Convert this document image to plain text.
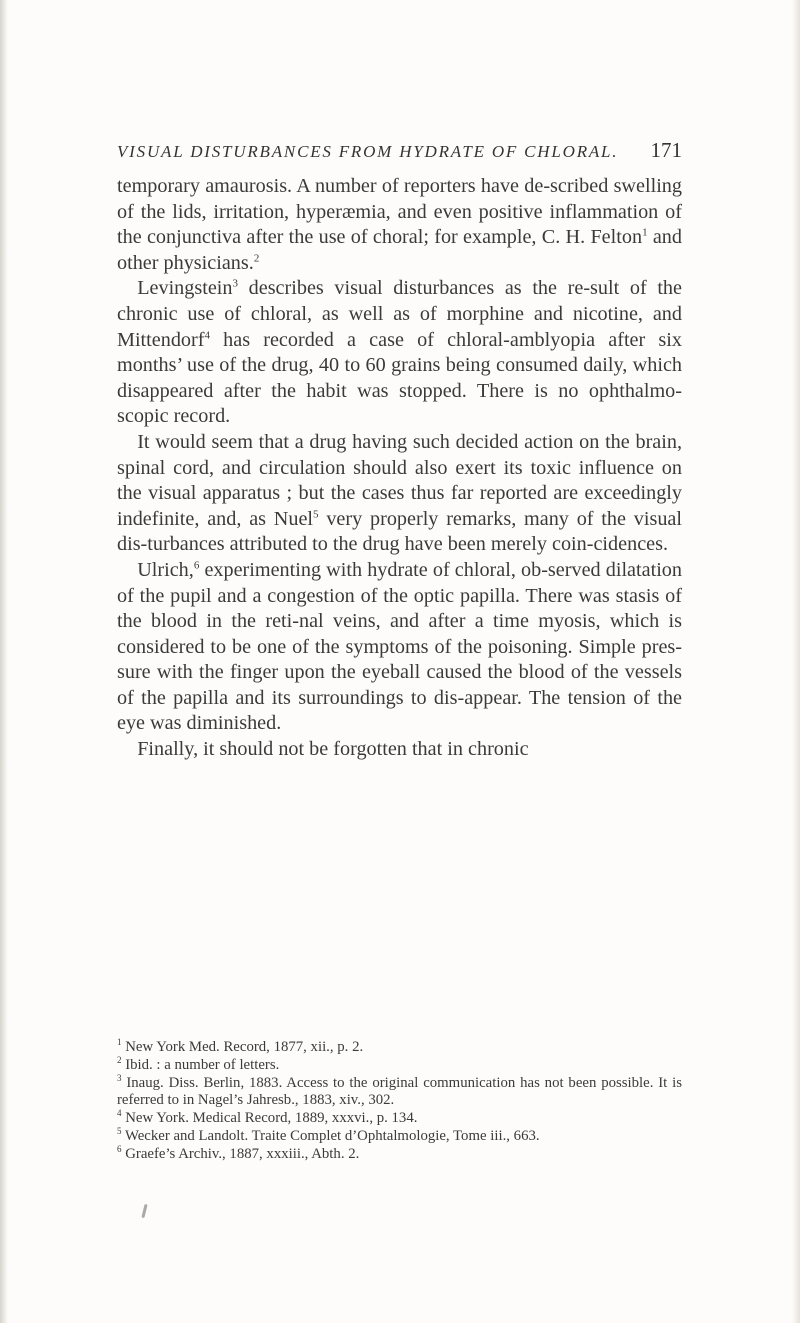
VISUAL DISTURBANCES FROM HYDRATE OF CHLORAL. 171

temporary amaurosis. A number of reporters have de-scribed swelling of the lids, irritation, hyperæmia, and even positive inflammation of the conjunctiva after the use of choral; for example, C. H. Felton$^1$ and other physicians.$^2$

 Levingstein$^3$ describes visual disturbances as the re-sult of the chronic use of chloral, as well as of morphine and nicotine, and Mittendorf$^4$ has recorded a case of chloral-amblyopia after six months’ use of the drug, 40 to 60 grains being consumed daily, which disappeared after the habit was stopped. There is no ophthalmo-scopic record.

 It would seem that a drug having such decided action on the brain, spinal cord, and circulation should also exert its toxic influence on the visual apparatus ; but the cases thus far reported are exceedingly indefinite, and, as Nuel$^5$ very properly remarks, many of the visual dis-turbances attributed to the drug have been merely coin-cidences.

 Ulrich,$^6$ experimenting with hydrate of chloral, ob-served dilatation of the pupil and a congestion of the optic papilla. There was stasis of the blood in the reti-nal veins, and after a time myosis, which is considered to be one of the symptoms of the poisoning. Simple pres-sure with the finger upon the eyeball caused the blood of the vessels of the papilla and its surroundings to dis-appear. The tension of the eye was diminished.

 Finally, it should not be forgotten that in chronic

$^1$ New York Med. Record, 1877, xii., p. 2.

$^2$ Ibid. : a number of letters.

$^3$ Inaug. Diss. Berlin, 1883. Access to the original communication has not been possible. It is referred to in Nagel’s Jahresb., 1883, xiv., 302.

$^4$ New York. Medical Record, 1889, xxxvi., p. 134.

$^5$ Wecker and Landolt. Traite Complet d’Ophtalmologie, Tome iii., 663.

$^6$ Graefe’s Archiv., 1887, xxxiii., Abth. 2.
